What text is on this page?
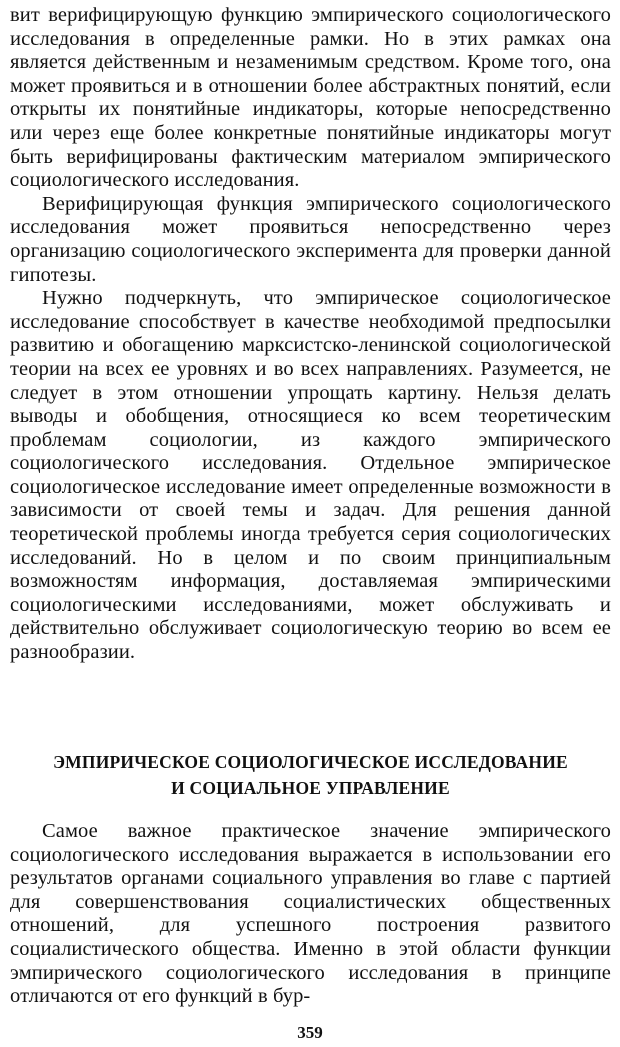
вит верифицирующую функцию эмпирического социологического исследования в определенные рамки. Но в этих рамках она является действенным и незаменимым средством. Кроме того, она может проявиться и в отношении более абстрактных понятий, если открыты их понятийные индикаторы, которые непосредственно или через еще более конкретные понятийные индикаторы могут быть верифицированы фактическим материалом эмпирического социологического исследования.

Верифицирующая функция эмпирического социологического исследования может проявиться непосредственно через организацию социологического эксперимента для проверки данной гипотезы.

Нужно подчеркнуть, что эмпирическое социологическое исследование способствует в качестве необходимой предпосылки развитию и обогащению марксистско-ленинской социологической теории на всех ее уровнях и во всех направлениях. Разумеется, не следует в этом отношении упрощать картину. Нельзя делать выводы и обобщения, относящиеся ко всем теоретическим проблемам социологии, из каждого эмпирического социологического исследования. Отдельное эмпирическое социологическое исследование имеет определенные возможности в зависимости от своей темы и задач. Для решения данной теоретической проблемы иногда требуется серия социологических исследований. Но в целом и по своим принципиальным возможностям информация, доставляемая эмпирическими социологическими исследованиями, может обслуживать и действительно обслуживает социологическую теорию во всем ее разнообразии.

ЭМПИРИЧЕСКОЕ СОЦИОЛОГИЧЕСКОЕ ИССЛЕДОВАНИЕ
И СОЦИАЛЬНОЕ УПРАВЛЕНИЕ

Самое важное практическое значение эмпирического социологического исследования выражается в использовании его результатов органами социального управления во главе с партией для совершенствования социалистических общественных отношений, для успешного построения развитого социалистического общества. Именно в этой области функции эмпирического социологического исследования в принципе отличаются от его функций в бур-

359
